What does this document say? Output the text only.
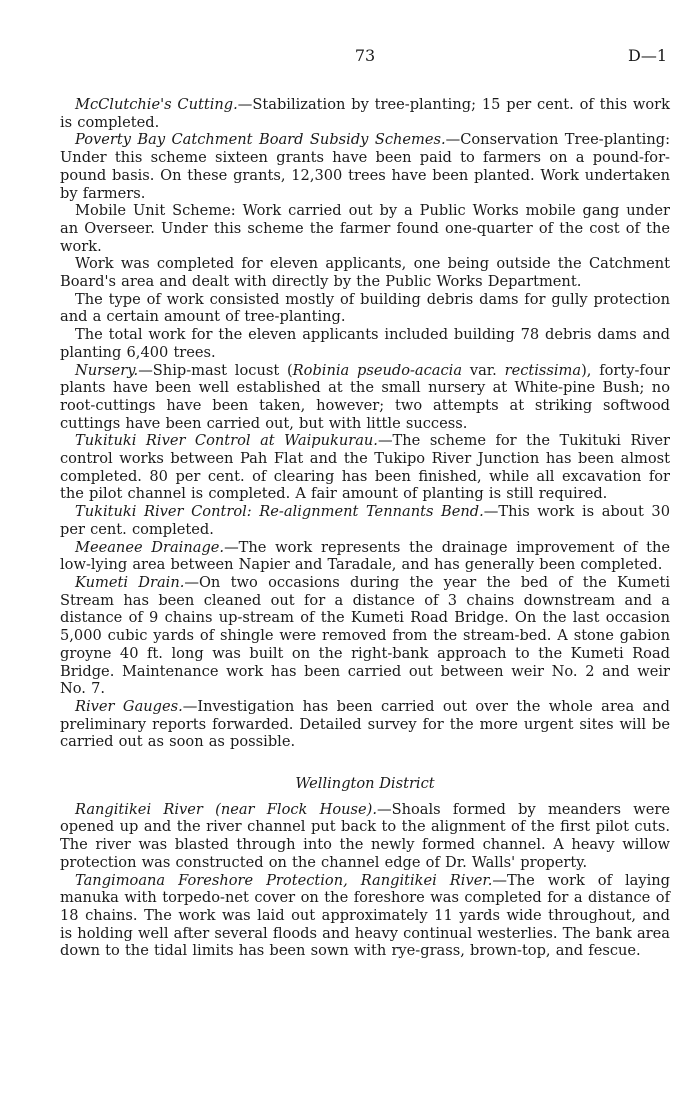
73	D—1

McClutchie's Cutting.—Stabilization by tree-planting; 15 per cent. of this work is completed.

Poverty Bay Catchment Board Subsidy Schemes.—Conservation Tree-planting: Under this scheme sixteen grants have been paid to farmers on a pound-for-pound basis. On these grants, 12,300 trees have been planted. Work undertaken by farmers.

Mobile Unit Scheme: Work carried out by a Public Works mobile gang under an Overseer. Under this scheme the farmer found one-quarter of the cost of the work.

Work was completed for eleven applicants, one being outside the Catchment Board's area and dealt with directly by the Public Works Department.

The type of work consisted mostly of building debris dams for gully protection and a certain amount of tree-planting.

The total work for the eleven applicants included building 78 debris dams and planting 6,400 trees.

Nursery.—Ship-mast locust (Robinia pseudo-acacia var. rectissima), forty-four plants have been well established at the small nursery at White-pine Bush; no root-cuttings have been taken, however; two attempts at striking softwood cuttings have been carried out, but with little success.

Tukituki River Control at Waipukurau.—The scheme for the Tukituki River control works between Pah Flat and the Tukipo River Junction has been almost completed. 80 per cent. of clearing has been finished, while all excavation for the pilot channel is completed. A fair amount of planting is still required.

Tukituki River Control: Re-alignment Tennants Bend.—This work is about 30 per cent. completed.

Meeanee Drainage.—The work represents the drainage improvement of the low-lying area between Napier and Taradale, and has generally been completed.

Kumeti Drain.—On two occasions during the year the bed of the Kumeti Stream has been cleaned out for a distance of 3 chains downstream and a distance of 9 chains up-stream of the Kumeti Road Bridge. On the last occasion 5,000 cubic yards of shingle were removed from the stream-bed. A stone gabion groyne 40 ft. long was built on the right-bank approach to the Kumeti Road Bridge. Maintenance work has been carried out between weir No. 2 and weir No. 7.

River Gauges.—Investigation has been carried out over the whole area and preliminary reports forwarded. Detailed survey for the more urgent sites will be carried out as soon as possible.

Wellington District

Rangitikei River (near Flock House).—Shoals formed by meanders were opened up and the river channel put back to the alignment of the first pilot cuts. The river was blasted through into the newly formed channel. A heavy willow protection was constructed on the channel edge of Dr. Walls' property.

Tangimoana Foreshore Protection, Rangitikei River.—The work of laying manuka with torpedo-net cover on the foreshore was completed for a distance of 18 chains. The work was laid out approximately 11 yards wide throughout, and is holding well after several floods and heavy continual westerlies. The bank area down to the tidal limits has been sown with rye-grass, brown-top, and fescue.
